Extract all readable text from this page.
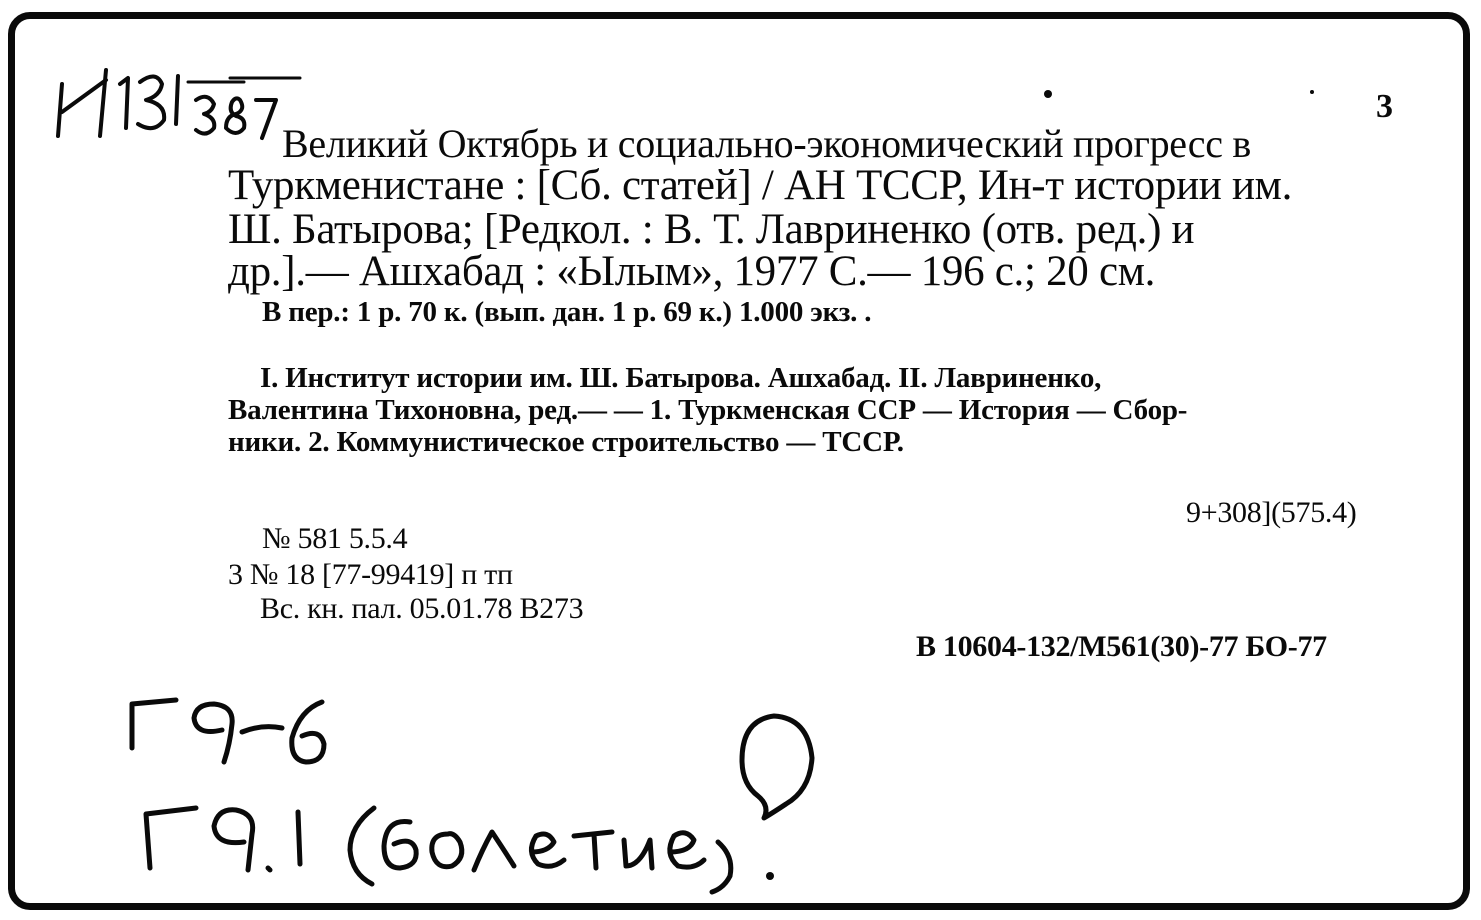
3

Великий Октябрь и социально-экономический прогресс в

Туркменистане : [Сб. статей] / АН ТССР, Ин-т истории им.

Ш. Батырова; [Редкол. : В. Т. Лавриненко (отв. ред.) и

др.].— Ашхабад : «Ылым», 1977 С.— 196 с.; 20 см.

В пер.: 1 р. 70 к. (вып. дан. 1 р. 69 к.) 1.000 экз. .

I. Институт истории им. Ш. Батырова. Ашхабад. II. Лавриненко,

Валентина Тихоновна, ред.— — 1. Туркменская ССР — История — Сбор-

ники. 2. Коммунистическое строительство — ТССР.

9+308](575.4)

№ 581 5.5.4

3 № 18 [77-99419] п тп

Вс. кн. пал. 05.01.78 В273

В 10604-132/М561(30)-77 БО-77
